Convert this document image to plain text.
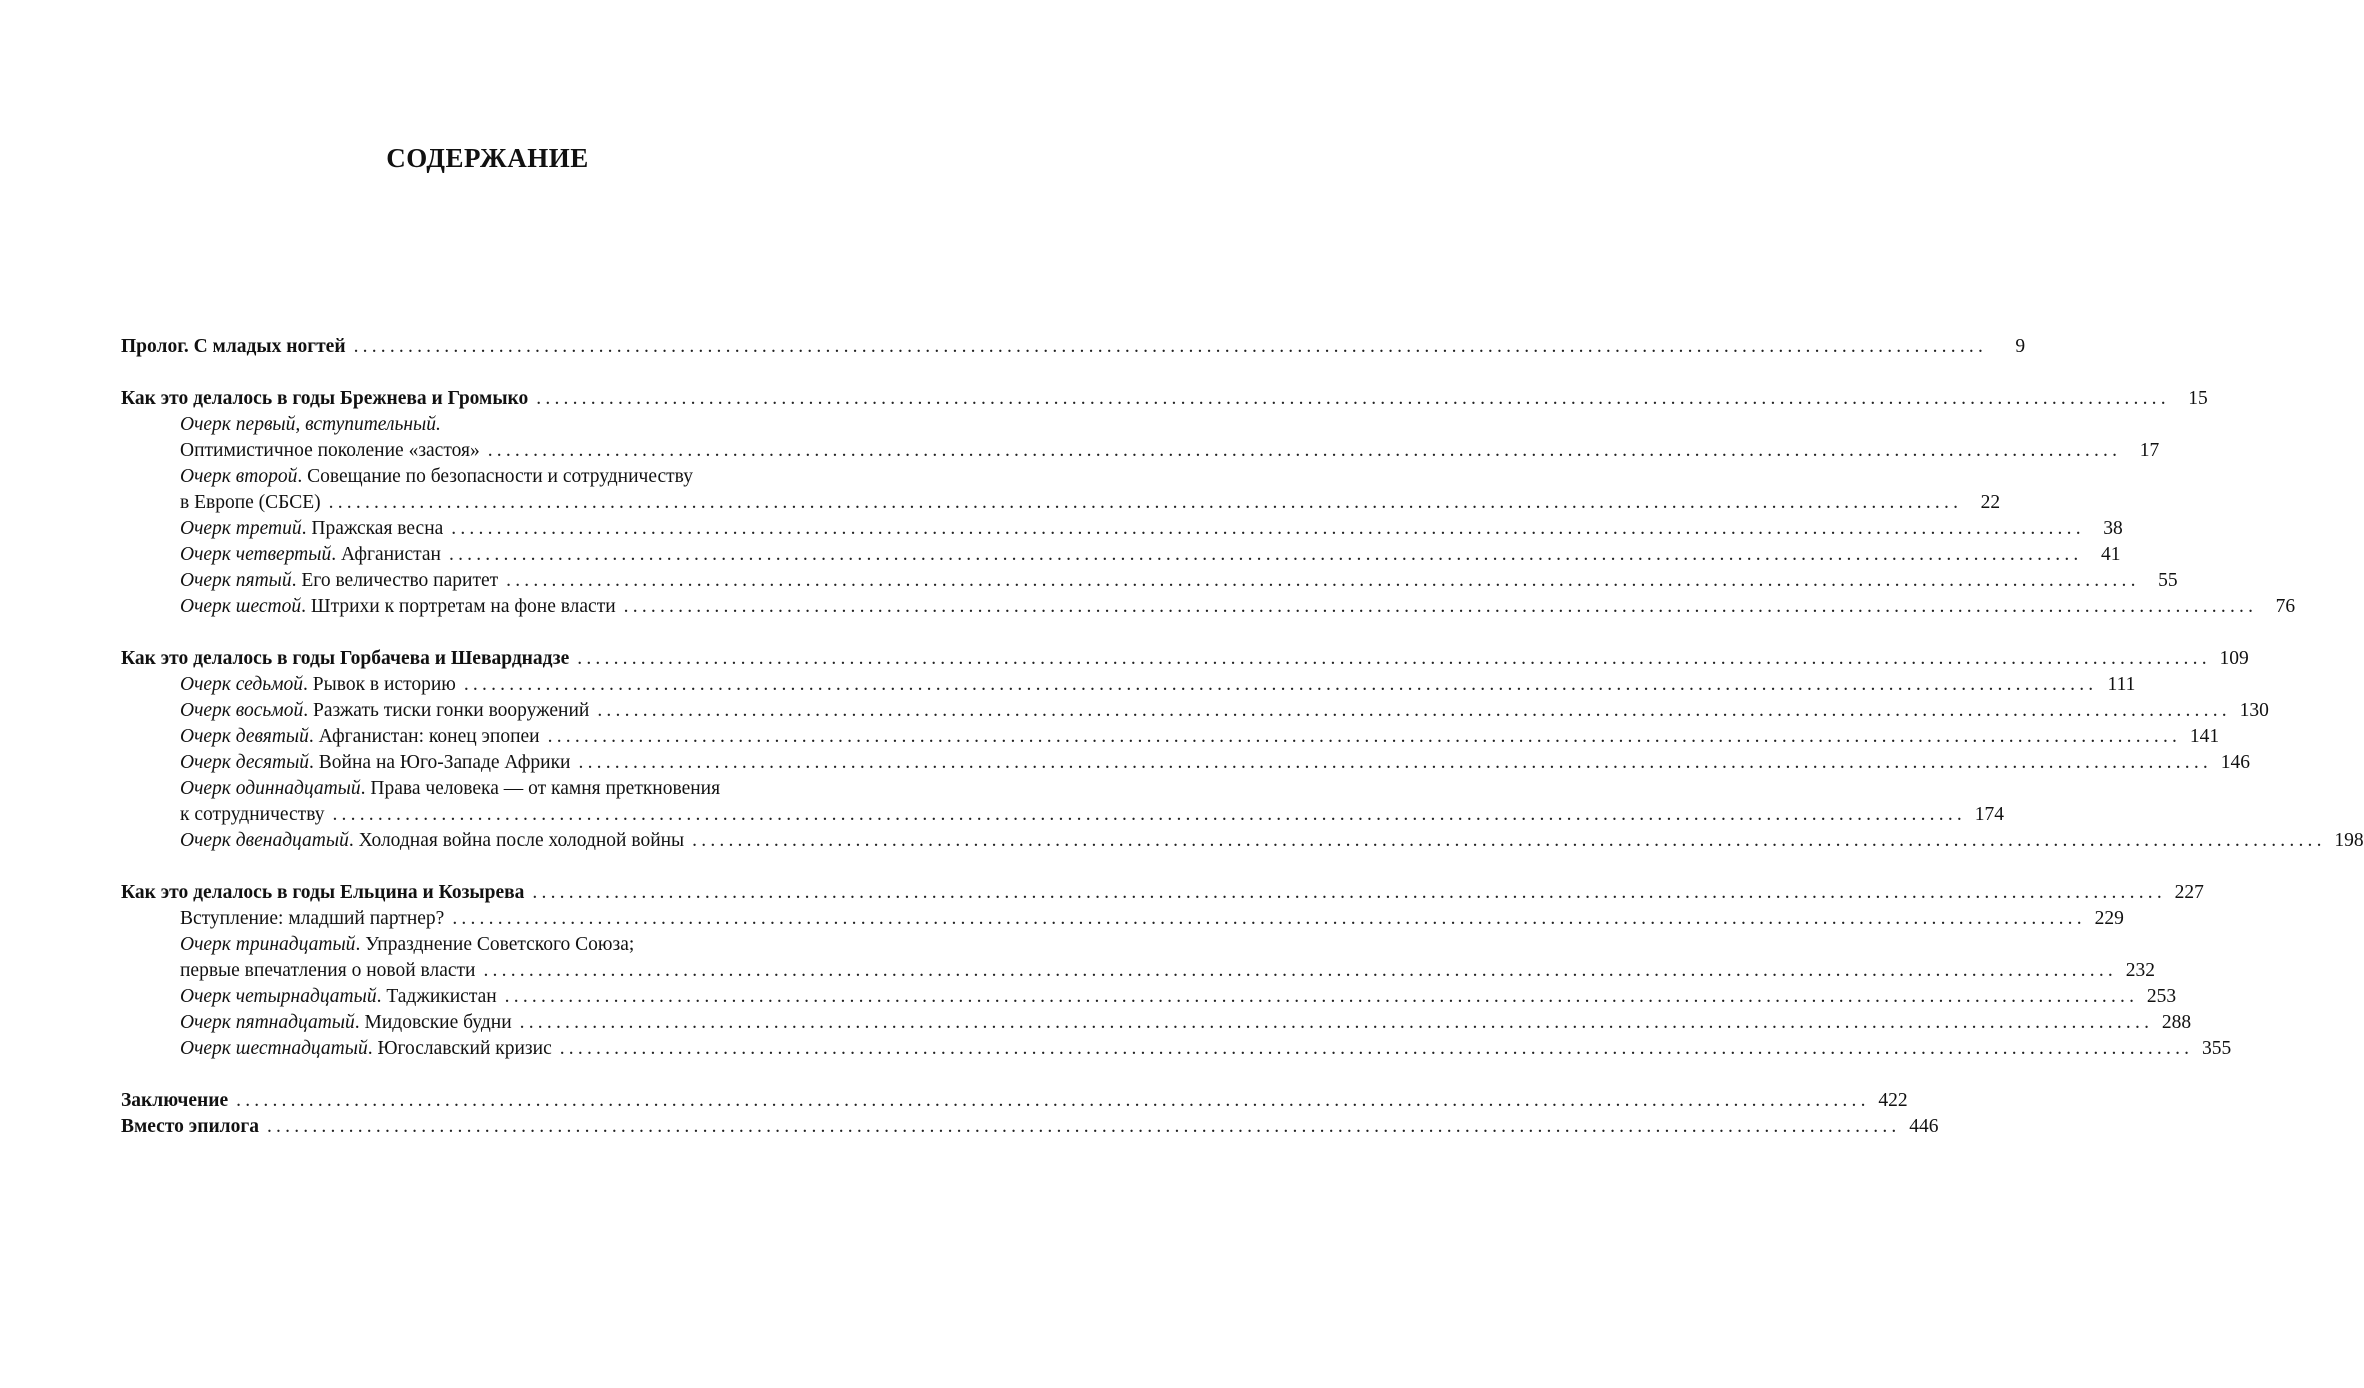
СОДЕРЖАНИЕ
Пролог. С младых ногтей ....................................................................................................................................................................................	9
Как это делалось в годы Брежнева и Громыко .................................................................................................................................................................................... 15
Очерк первый, вступительный.
Оптимистичное поколение «застоя» .................................................................................................................................................................................... 17
Очерк второй. Совещание по безопасности и сотрудничеству
в Европе (СБСЕ) .................................................................................................................................................................................... 22
Очерк третий. Пражская весна .................................................................................................................................................................................... 38
Очерк четвертый. Афганистан .................................................................................................................................................................................... 41
Очерк пятый. Его величество паритет .................................................................................................................................................................................... 55
Очерк шестой. Штрихи к портретам на фоне власти .................................................................................................................................................................................... 76
Как это делалось в годы Горбачева и Шеварднадзе .................................................................................................................................................................................... 109
Очерк седьмой. Рывок в историю .................................................................................................................................................................................... 111
Очерк восьмой. Разжать тиски гонки вооружений .................................................................................................................................................................................... 130
Очерк девятый. Афганистан: конец эпопеи .................................................................................................................................................................................... 141
Очерк десятый. Война на Юго-Западе Африки .................................................................................................................................................................................... 146
Очерк одиннадцатый. Права человека — от камня преткновения
к сотрудничеству .................................................................................................................................................................................... 174
Очерк двенадцатый. Холодная война после холодной войны .................................................................................................................................................................................... 198
Как это делалось в годы Ельцина и Козырева .................................................................................................................................................................................... 227
Вступление: младший партнер? .................................................................................................................................................................................... 229
Очерк тринадцатый. Упразднение Советского Союза;
первые впечатления о новой власти .................................................................................................................................................................................... 232
Очерк четырнадцатый. Таджикистан .................................................................................................................................................................................... 253
Очерк пятнадцатый. Мидовские будни .................................................................................................................................................................................... 288
Очерк шестнадцатый. Югославский кризис .................................................................................................................................................................................... 355
Заключение .................................................................................................................................................................................... 422
Вместо эпилога .................................................................................................................................................................................... 446
